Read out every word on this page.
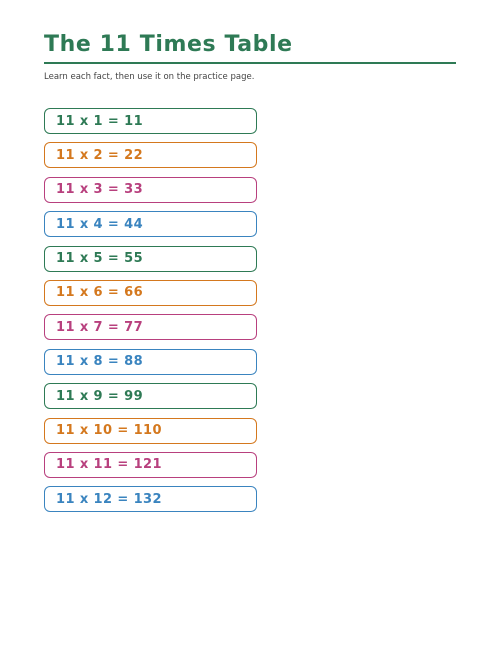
The 11 Times Table
Learn each fact, then use it on the practice page.
11 x 1 = 11
11 x 2 = 22
11 x 3 = 33
11 x 4 = 44
11 x 5 = 55
11 x 6 = 66
11 x 7 = 77
11 x 8 = 88
11 x 9 = 99
11 x 10 = 110
11 x 11 = 121
11 x 12 = 132
